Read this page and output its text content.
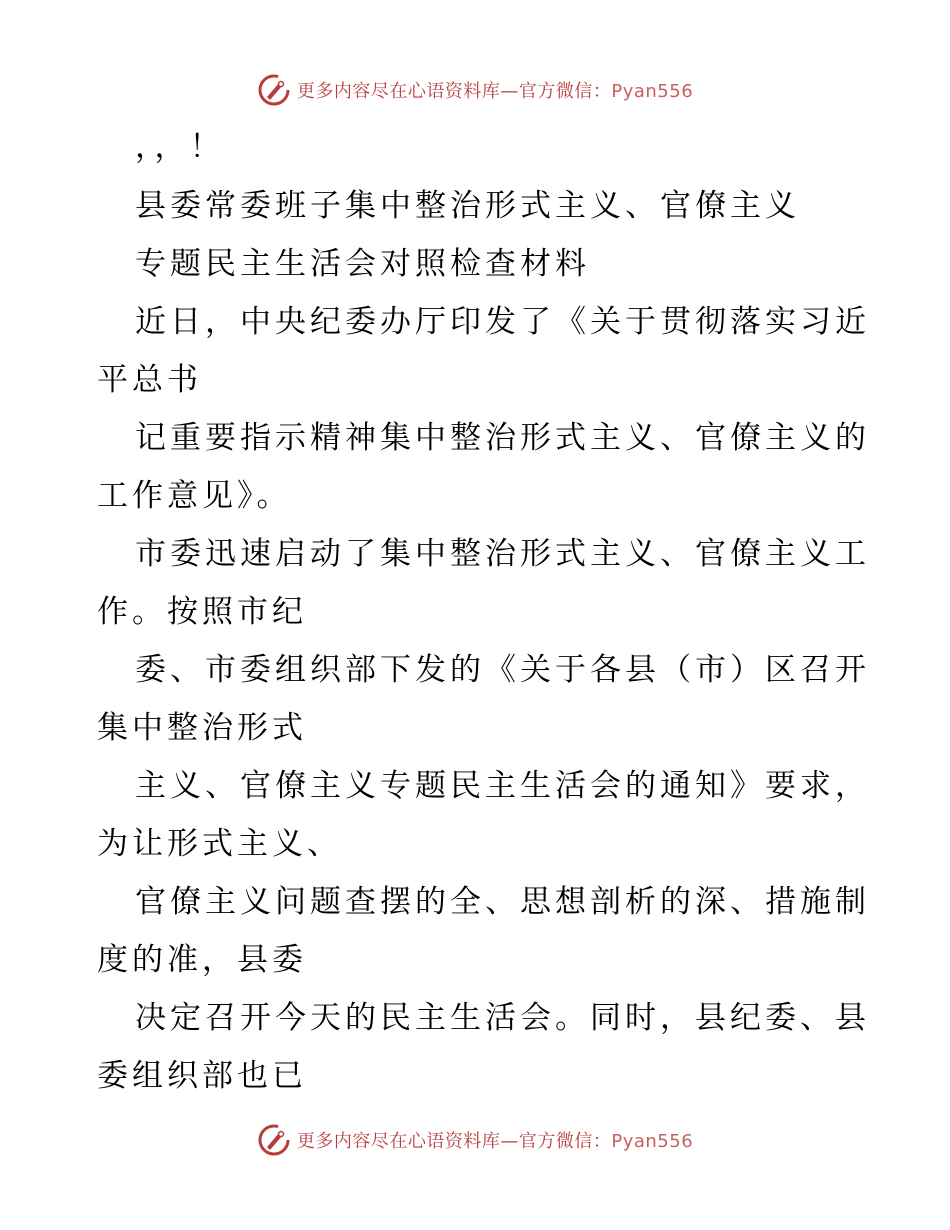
更多内容尽在心语资料库—官方微信：Pyan556
，，！
县委常委班子集中整治形式主义、官僚主义
专题民主生活会对照检查材料
近日，中央纪委办厅印发了《关于贯彻落实习近
平总书
记重要指示精神集中整治形式主义、官僚主义的
工作意见》。
市委迅速启动了集中整治形式主义、官僚主义工
作。按照市纪
委、市委组织部下发的《关于各县（市）区召开
集中整治形式
主义、官僚主义专题民主生活会的通知》要求，
为让形式主义、
官僚主义问题查摆的全、思想剖析的深、措施制
度的准，县委
决定召开今天的民主生活会。同时，县纪委、县
委组织部也已
更多内容尽在心语资料库—官方微信：Pyan556
